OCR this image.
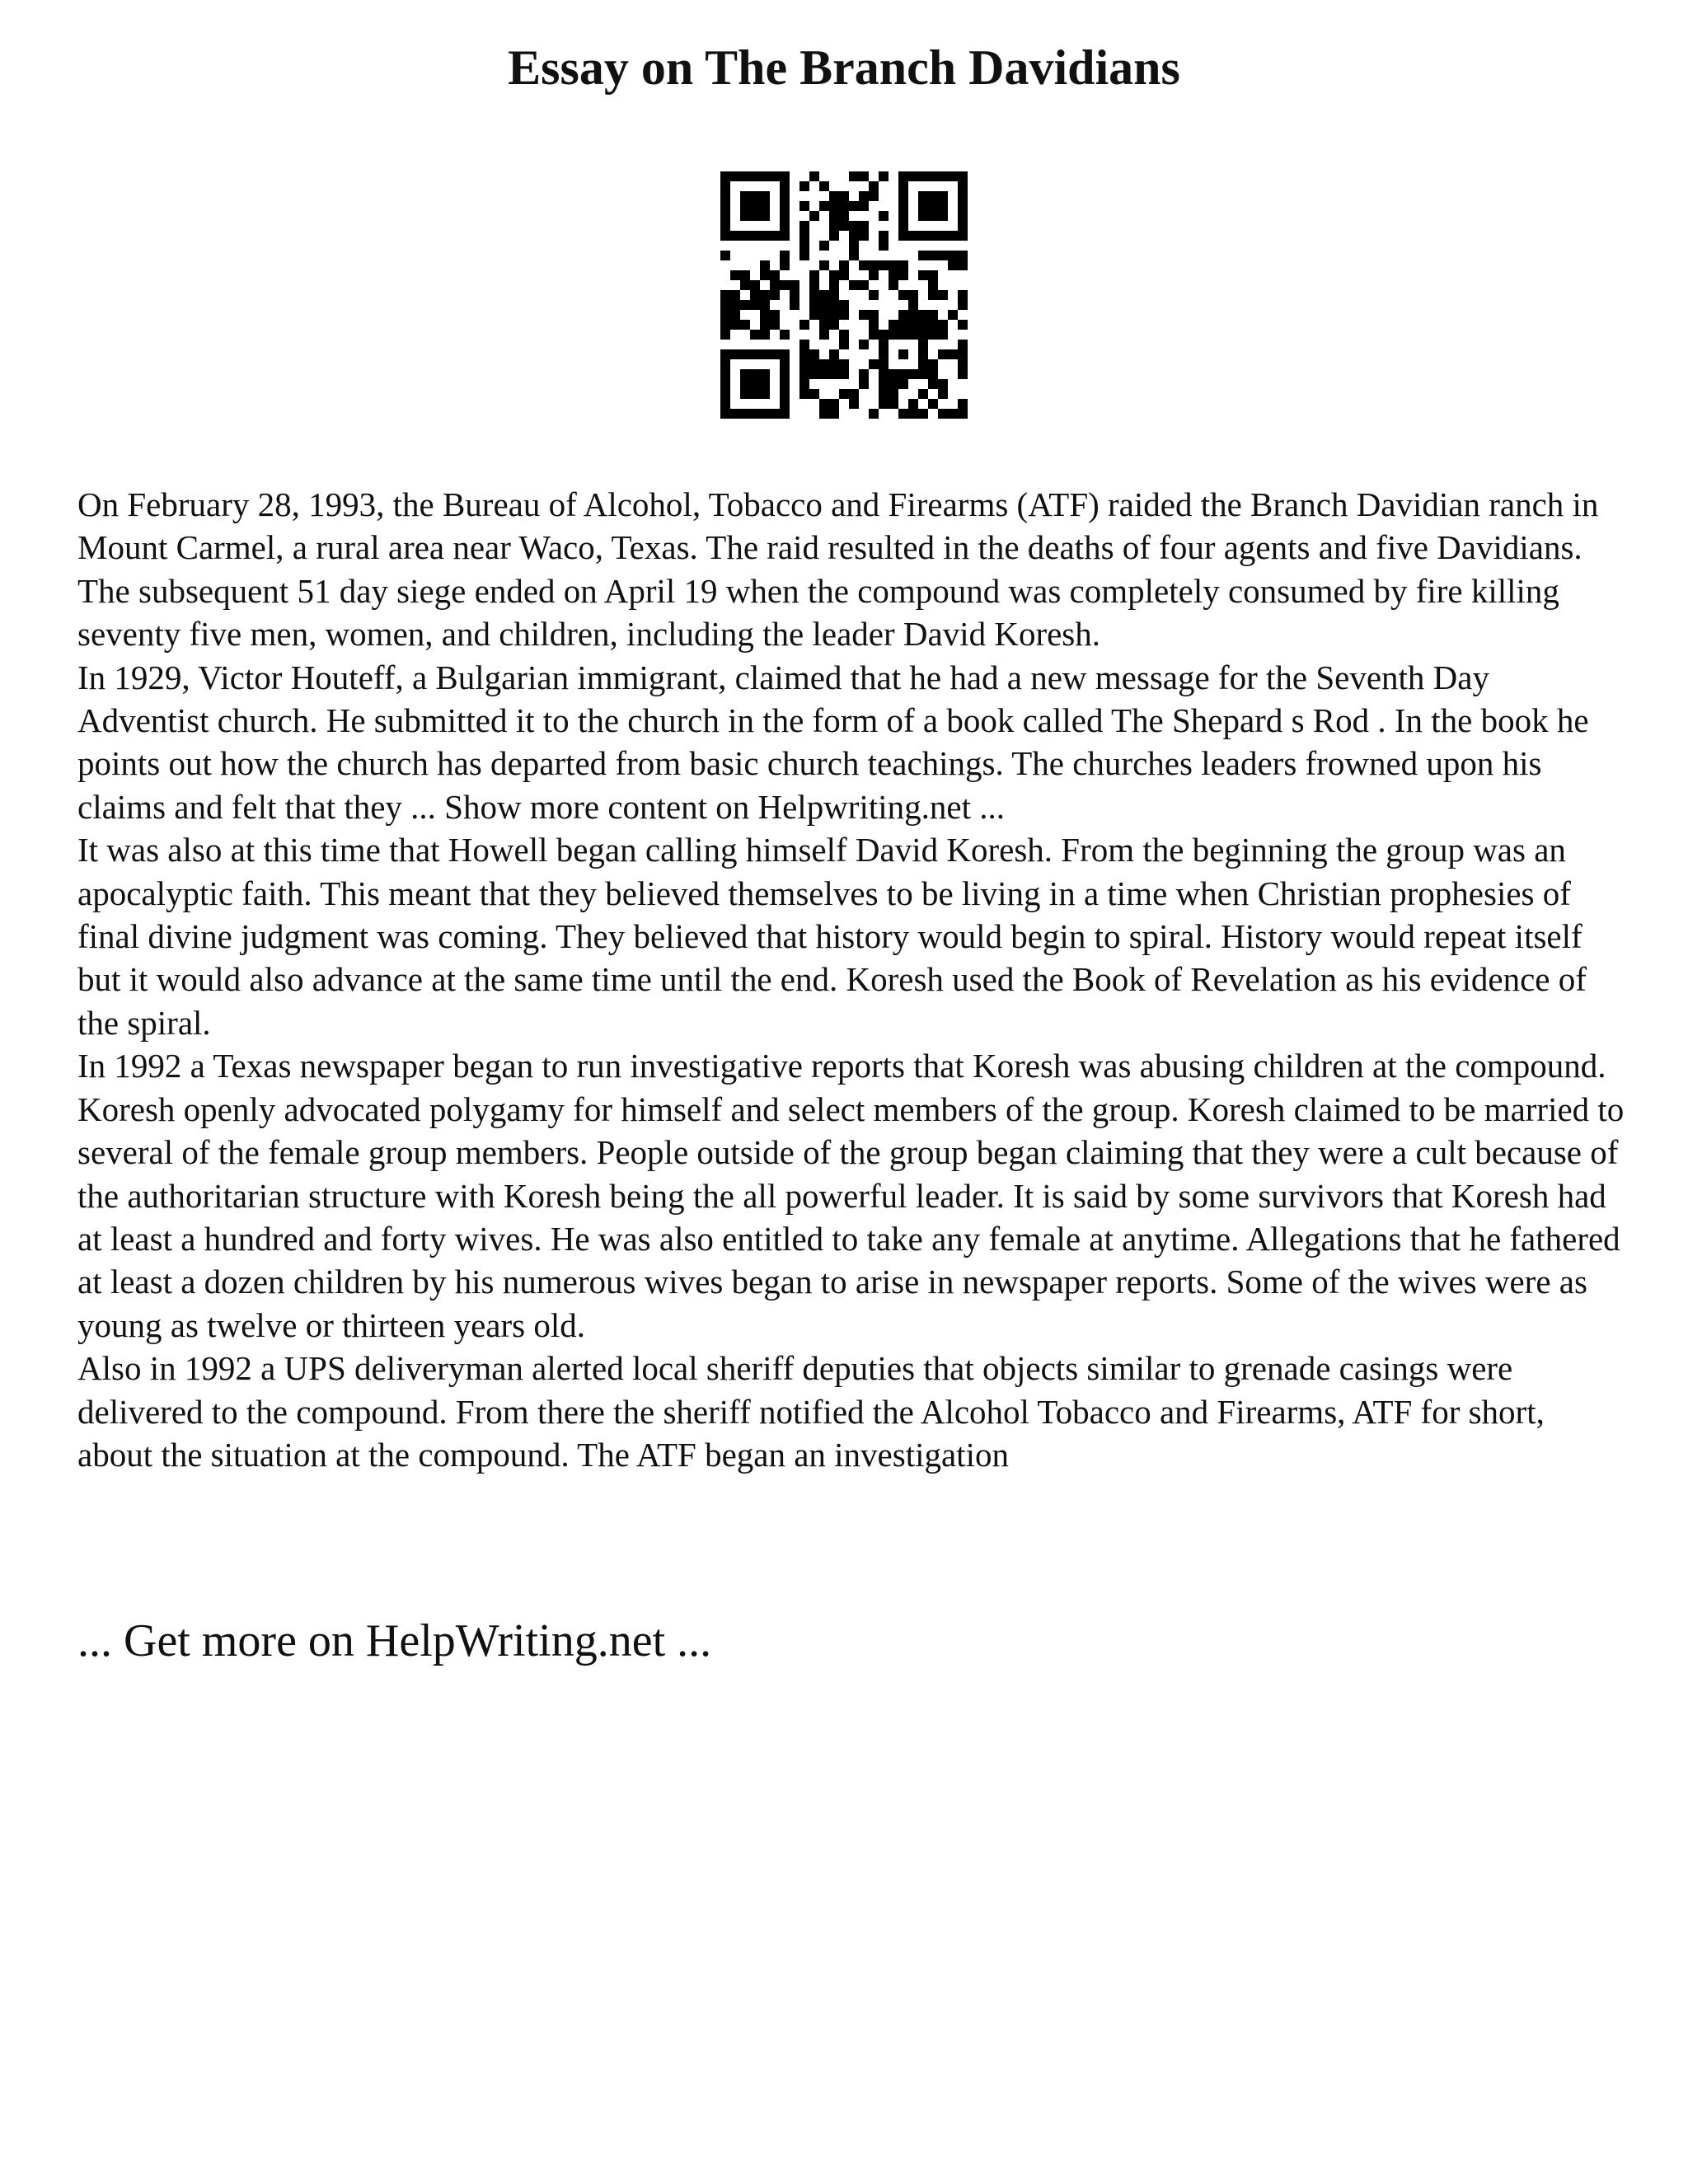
Essay on The Branch Davidians

On February 28, 1993, the Bureau of Alcohol, Tobacco and Firearms (ATF) raided the Branch Davidian ranch in Mount Carmel, a rural area near Waco, Texas. The raid resulted in the deaths of four agents and five Davidians. The subsequent 51 day siege ended on April 19 when the compound was completely consumed by fire killing seventy five men, women, and children, including the leader David Koresh.

In 1929, Victor Houteff, a Bulgarian immigrant, claimed that he had a new message for the Seventh Day Adventist church. He submitted it to the church in the form of a book called The Shepard s Rod . In the book he points out how the church has departed from basic church teachings. The churches leaders frowned upon his claims and felt that they ... Show more content on Helpwriting.net ...

It was also at this time that Howell began calling himself David Koresh. From the beginning the group was an apocalyptic faith. This meant that they believed themselves to be living in a time when Christian prophesies of final divine judgment was coming. They believed that history would begin to spiral. History would repeat itself but it would also advance at the same time until the end. Koresh used the Book of Revelation as his evidence of the spiral.

In 1992 a Texas newspaper began to run investigative reports that Koresh was abusing children at the compound. Koresh openly advocated polygamy for himself and select members of the group. Koresh claimed to be married to several of the female group members. People outside of the group began claiming that they were a cult because of the authoritarian structure with Koresh being the all powerful leader. It is said by some survivors that Koresh had at least a hundred and forty wives. He was also entitled to take any female at anytime. Allegations that he fathered at least a dozen children by his numerous wives began to arise in newspaper reports. Some of the wives were as young as twelve or thirteen years old.

Also in 1992 a UPS deliveryman alerted local sheriff deputies that objects similar to grenade casings were delivered to the compound. From there the sheriff notified the Alcohol Tobacco and Firearms, ATF for short, about the situation at the compound. The ATF began an investigation

... Get more on HelpWriting.net ...
